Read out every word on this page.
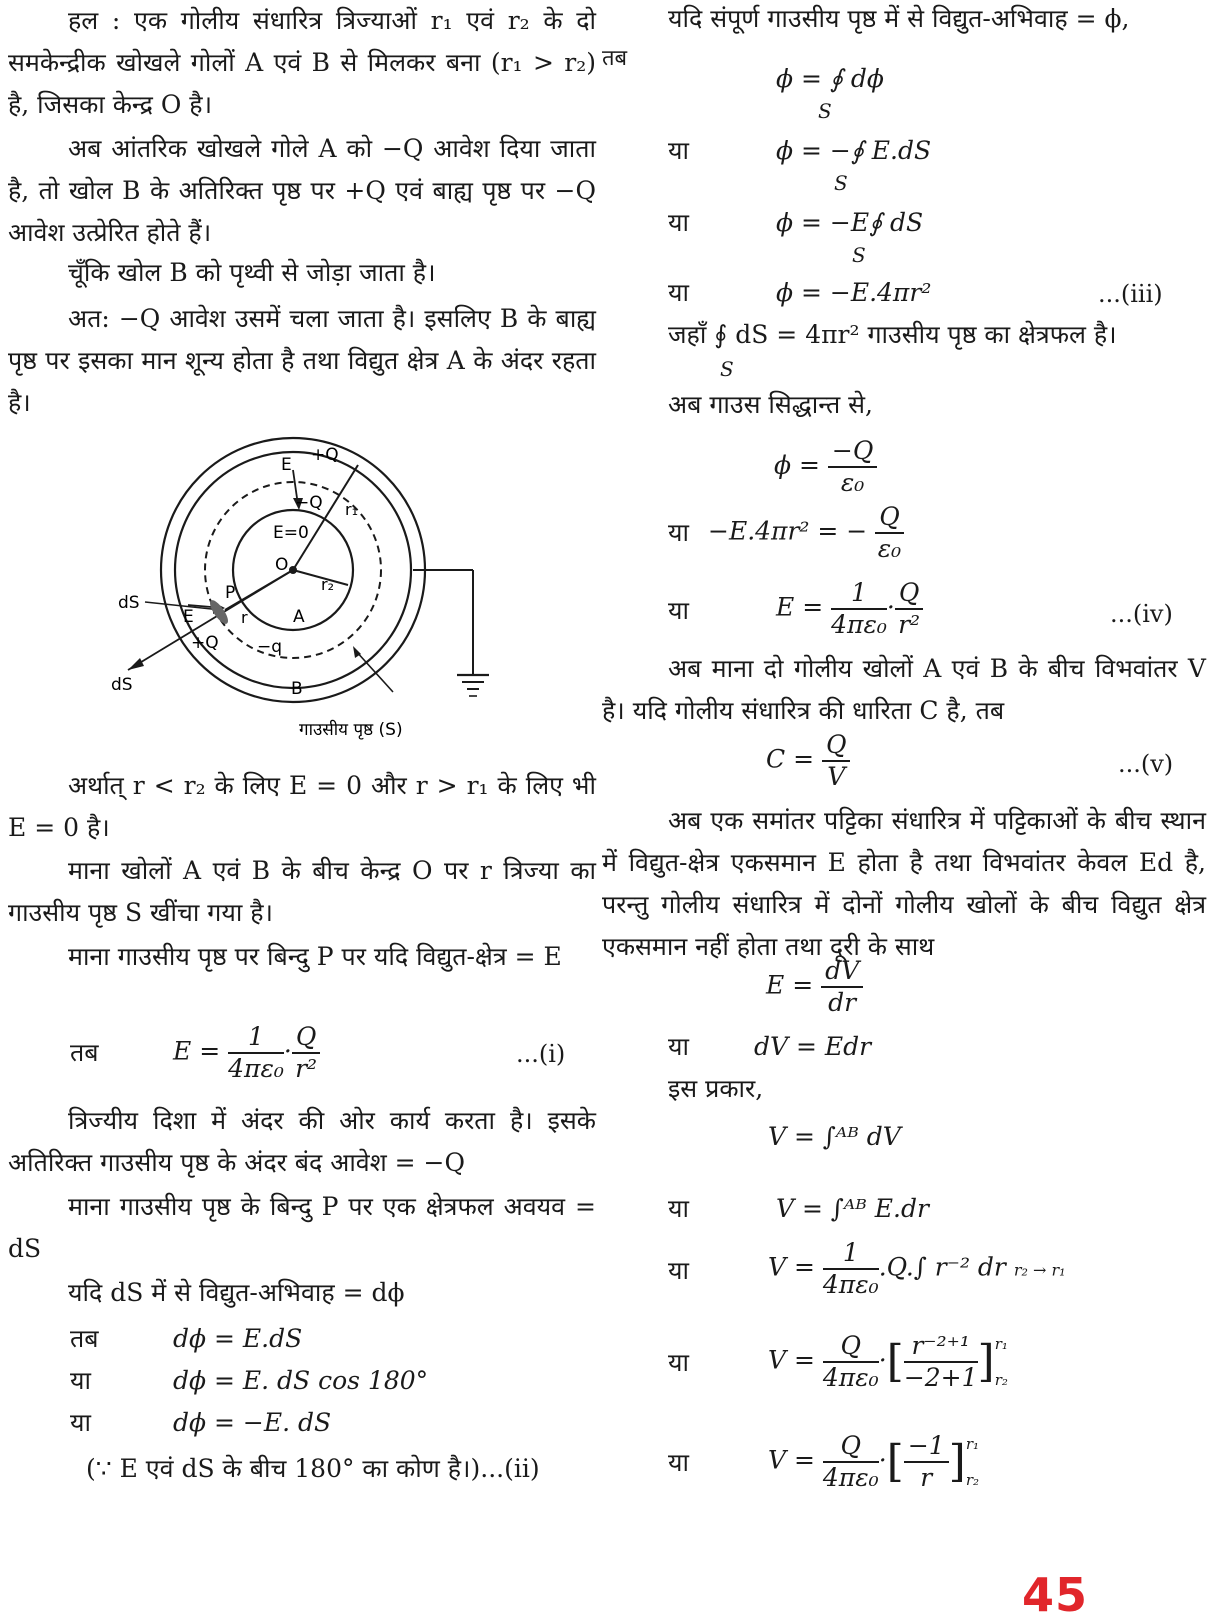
हल : एक गोलीय संधारित्र त्रिज्याओं r₁ एवं r₂ के दो समकेन्द्रीक खोखले गोलों A एवं B से मिलकर बना (r₁ > r₂) है, जिसका केन्द्र O है।

अब आंतरिक खोखले गोले A को −Q आवेश दिया जाता है, तो खोल B के अतिरिक्त पृष्ठ पर +Q एवं बाह्य पृष्ठ पर −Q आवेश उत्प्रेरित होते हैं।

चूँकि खोल B को पृथ्वी से जोड़ा जाता है।

अत: −Q आवेश उसमें चला जाता है। इसलिए B के बाह्य पृष्ठ पर इसका मान शून्य होता है तथा विद्युत क्षेत्र A के अंदर रहता है।

E +Q
−Q r₁
E=0
O
r₂
dS	P
E	r	A
+Q −q
dS	B
गाउसीय पृष्ठ (S)

अर्थात् r < r₂ के लिए E = 0 और r > r₁ के लिए भी E = 0 है।

माना खोलों A एवं B के बीच केन्द्र O पर r त्रिज्या का गाउसीय पृष्ठ S खींचा गया है।

माना गाउसीय पृष्ठ पर बिन्दु P पर यदि विद्युत-क्षेत्र = E

तब	$E = \frac{1}{\text{4πε₀}} \cdot \frac{Q}{\text{r²}}$	...(i)

त्रिज्यीय दिशा में अंदर की ओर कार्य करता है। इसके अतिरिक्त गाउसीय पृष्ठ के अंदर बंद आवेश = −Q

माना गाउसीय पृष्ठ के बिन्दु P पर एक क्षेत्रफल अवयव = dS

यदि dS में से विद्युत-अभिवाह = dϕ

तब	dϕ = E.dS
या	dϕ = E. dS cos 180°
या	dϕ = −E. dS
(∵ E एवं dS के बीच 180° का कोण है।)...(ii)
यदि संपूर्ण गाउसीय पृष्ठ में से विद्युत-अभिवाह = ϕ,
तब
ϕ = ∮ dϕ
S
या	ϕ = −∮ E.dS
S
या	ϕ = −E∮ dS
S
या	ϕ = −E.4πr²	...(iii)
जहाँ ∮ dS = 4πr² गाउसीय पृष्ठ का क्षेत्रफल है।
S
अब गाउस सिद्धान्त से,
$\phi = \frac{-Q}{\text{ε₀}}$
या −E.4πr² = − $\frac{Q}{\text{ε₀}}$
या	$E = \frac{1}{\text{4πε₀}} \cdot \frac{Q}{\text{r²}}$	...(iv)

अब माना दो गोलीय खोलों A एवं B के बीच विभवांतर V है। यदि गोलीय संधारित्र की धारिता C है, तब

$C = \frac{Q}{V}$	...(v)

अब एक समांतर पट्टिका संधारित्र में पट्टिकाओं के बीच स्थान में विद्युत-क्षेत्र एकसमान E होता है तथा विभवांतर केवल Ed है, परन्तु गोलीय संधारित्र में दोनों गोलीय खोलों के बीच विद्युत क्षेत्र एकसमान नहीं होता तथा दूरी के साथ

$E = \frac{dV}{dr}$
या	dV = Edr
इस प्रकार,
V = ∫ᴬᴮ dV
या	V = ∫ᴬᴮ E.dr
या	$V = \frac{1}{\text{4πε₀}} .Q.\int$ r⁻² dr r₂ → r₁
या	$V = \frac{Q}{\text{4πε₀}}$ ·[ $\frac{\text{r⁻²⁺¹}}{-2+1}$ ] r₁
r₂
या	$V = \frac{Q}{\text{4πε₀}}$ ·[ $\frac{-1}{r}$ ] r₁
r₂
45
